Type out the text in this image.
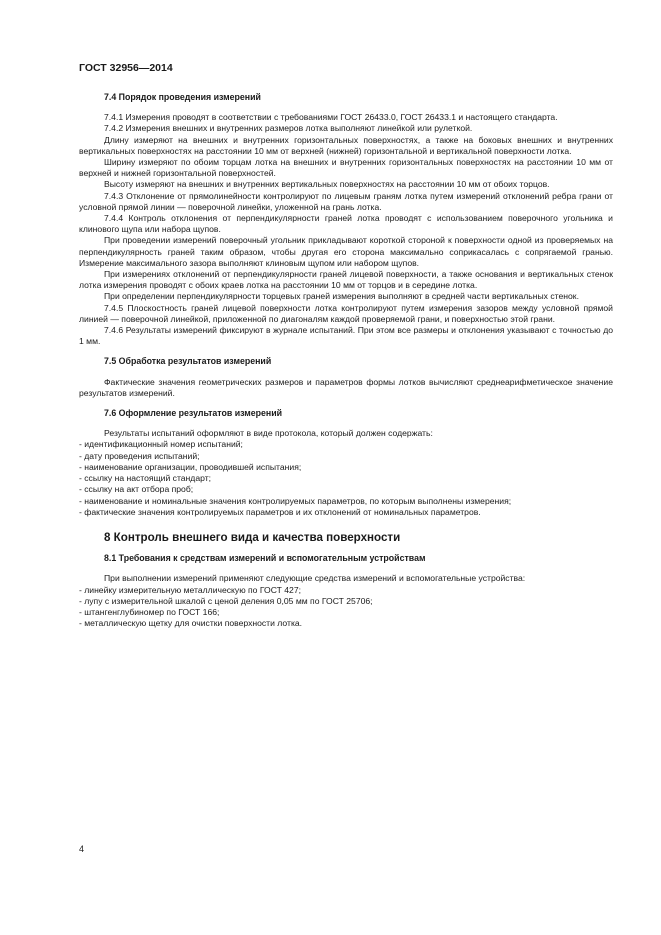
ГОСТ 32956—2014
7.4 Порядок проведения измерений

7.4.1 Измерения проводят в соответствии с требованиями ГОСТ 26433.0, ГОСТ 26433.1 и настоящего стандарта.

7.4.2 Измерения внешних и внутренних размеров лотка выполняют линейкой или рулеткой.

Длину измеряют на внешних и внутренних горизонтальных поверхностях, а также на боковых внешних и внутренних вертикальных поверхностях на расстоянии 10 мм от верхней (нижней) горизонтальной и вертикальной поверхности лотка.

Ширину измеряют по обоим торцам лотка на внешних и внутренних горизонтальных поверхностях на расстоянии 10 мм от верхней и нижней горизонтальной поверхностей.

Высоту измеряют на внешних и внутренних вертикальных поверхностях на расстоянии 10 мм от обоих торцов.

7.4.3 Отклонение от прямолинейности контролируют по лицевым граням лотка путем измерений отклонений ребра грани от условной прямой линии — поверочной линейки, уложенной на грань лотка.

7.4.4 Контроль отклонения от перпендикулярности граней лотка проводят с использованием поверочного угольника и клинового щупа или набора щупов.

При проведении измерений поверочный угольник прикладывают короткой стороной к поверхности одной из проверяемых на перпендикулярность граней таким образом, чтобы другая его сторона максимально соприкасалась с сопрягаемой гранью. Измерение максимального зазора выполняют клиновым щупом или набором щупов.

При измерениях отклонений от перпендикулярности граней лицевой поверхности, а также основания и вертикальных стенок лотка измерения проводят с обоих краев лотка на расстоянии 10 мм от торцов и в середине лотка.

При определении перпендикулярности торцевых граней измерения выполняют в средней части вертикальных стенок.

7.4.5 Плоскостность граней лицевой поверхности лотка контролируют путем измерения зазоров между условной прямой линией — поверочной линейкой, приложенной по диагоналям каждой проверяемой грани, и поверхностью этой грани.

7.4.6 Результаты измерений фиксируют в журнале испытаний. При этом все размеры и отклонения указывают с точностью до 1 мм.

7.5 Обработка результатов измерений

Фактические значения геометрических размеров и параметров формы лотков вычисляют среднеарифметическое значение результатов измерений.

7.6 Оформление результатов измерений

Результаты испытаний оформляют в виде протокола, который должен содержать:

- идентификационный номер испытаний;
- дату проведения испытаний;
- наименование организации, проводившей испытания;
- ссылку на настоящий стандарт;
- ссылку на акт отбора проб;
- наименование и номинальные значения контролируемых параметров, по которым выполнены измерения;
- фактические значения контролируемых параметров и их отклонений от номинальных параметров.
8 Контроль внешнего вида и качества поверхности
8.1 Требования к средствам измерений и вспомогательным устройствам

При выполнении измерений применяют следующие средства измерений и вспомогательные устройства:

- линейку измерительную металлическую по ГОСТ 427;
- лупу с измерительной шкалой с ценой деления 0,05 мм по ГОСТ 25706;
- штангенглубиномер по ГОСТ 166;
- металлическую щетку для очистки поверхности лотка.
4
